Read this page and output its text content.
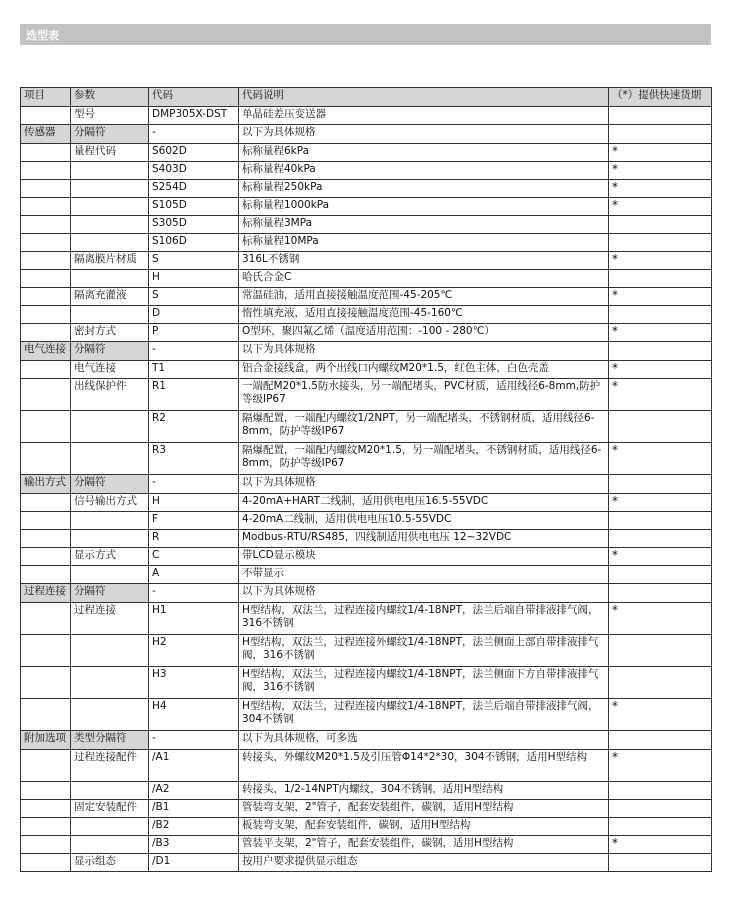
选型表
项目	参数	代码	代码说明	（*）提供快速货期
	型号	DMP305X-DST	单晶硅差压变送器	
传感器	分隔符	-	以下为具体规格	
	量程代码	S602D	标称量程6kPa	*
		S403D	标称量程40kPa	*
		S254D	标称量程250kPa	*
		S105D	标称量程1000kPa	*
		S305D	标称量程3MPa	
		S106D	标称量程10MPa	
	隔离膜片材质	S	316L不锈钢	*
		H	哈氏合金C	
	隔离充灌液	S	常温硅油，适用直接接触温度范围-45-205℃	*
		D	惰性填充液，适用直接接触温度范围-45-160℃	
	密封方式	P	O型环，聚四氟乙烯（温度适用范围：-100 - 280℃）	*
电气连接	分隔符	-	以下为具体规格	
	电气连接	T1	铝合金接线盒，两个出线口内螺纹M20*1.5，红色主体，白色壳盖	*
	出线保护件	R1	一端配M20*1.5防水接头，另一端配堵头，PVC材质，适用线径6-8mm,防护等级IP67	*
		R2	隔爆配置，一端配内螺纹1/2NPT，另一端配堵头，不锈钢材质，适用线径6-8mm，防护等级IP67	
		R3	隔爆配置，一端配内螺纹M20*1.5，另一端配堵头，不锈钢材质，适用线径6-8mm，防护等级IP67	*
输出方式	分隔符	-	以下为具体规格	
	信号输出方式	H	4-20mA+HART二线制，适用供电电压16.5-55VDC	*
		F	4-20mA二线制，适用供电电压10.5-55VDC	
		R	Modbus-RTU/RS485，四线制适用供电电压 12~32VDC	
	显示方式	C	带LCD显示模块	*
		A	不带显示	
过程连接	分隔符	-	以下为具体规格	
	过程连接	H1	H型结构，双法兰，过程连接内螺纹1/4-18NPT，法兰后端自带排液排气阀，316不锈钢	*
		H2	H型结构，双法兰，过程连接外螺纹1/4-18NPT，法兰侧面上部自带排液排气阀，316不锈钢	
		H3	H型结构，双法兰，过程连接内螺纹1/4-18NPT，法兰侧面下方自带排液排气阀，316不锈钢	
		H4	H型结构，双法兰，过程连接内螺纹1/4-18NPT，法兰后端自带排液排气阀，304不锈钢	*
附加选项	类型分隔符	-	以下为具体规格，可多选	
	过程连接配件	/A1	转接头，外螺纹M20*1.5及引压管Φ14*2*30，304不锈钢，适用H型结构	*
		/A2	转接头，1/2-14NPT内螺纹，304不锈钢，适用H型结构	
	固定安装配件	/B1	管装弯支架，2"管子，配套安装组件，碳钢，适用H型结构	
		/B2	板装弯支架，配套安装组件，碳钢，适用H型结构	
		/B3	管装平支架，2"管子，配套安装组件，碳钢，适用H型结构	*
	显示组态	/D1	按用户要求提供显示组态	
